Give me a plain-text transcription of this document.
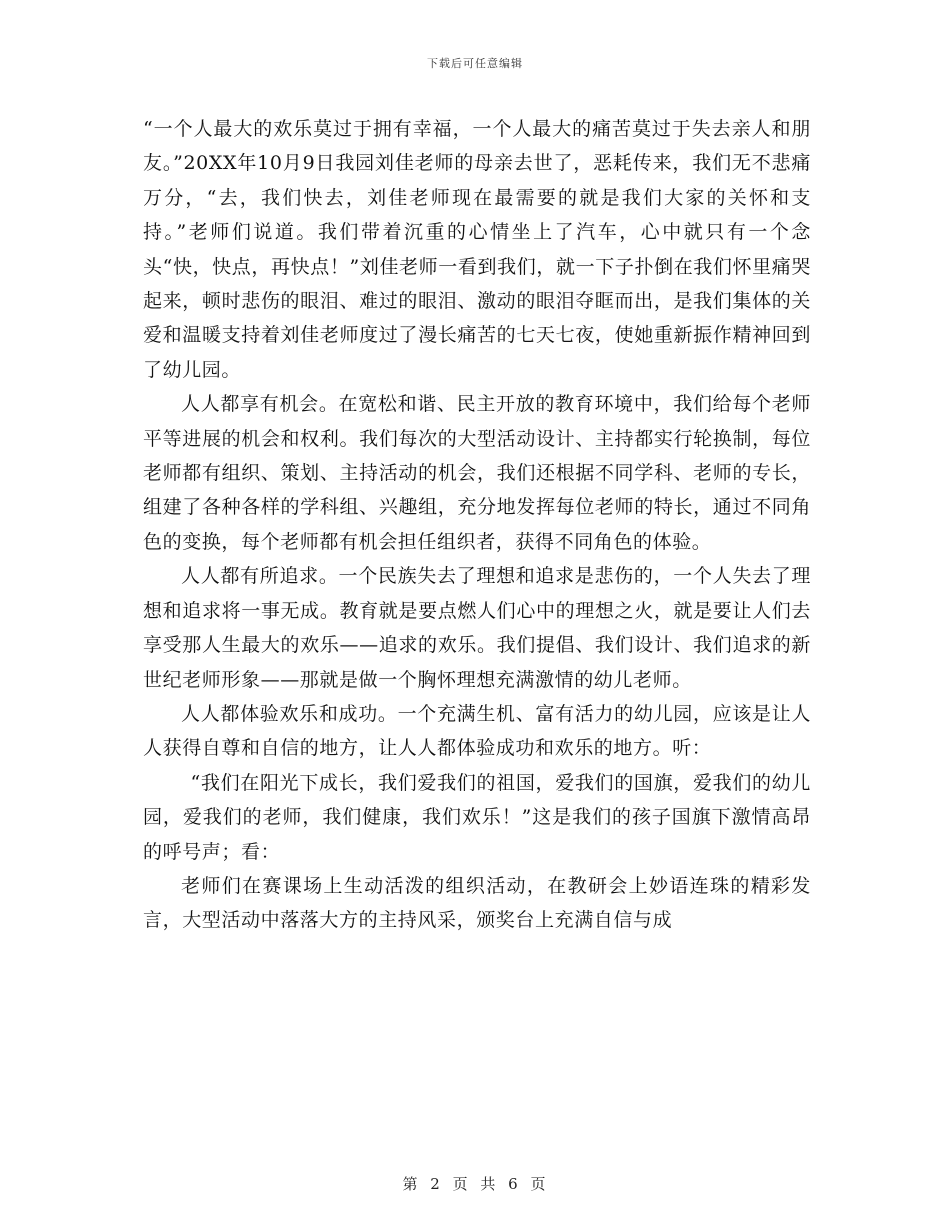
下载后可任意编辑

“一个人最大的欢乐莫过于拥有幸福，一个人最大的痛苦莫过于失去亲人和朋友。”20XX年10月9日我园刘佳老师的母亲去世了，恶耗传来，我们无不悲痛万分，“去，我们快去，刘佳老师现在最需要的就是我们大家的关怀和支持。”老师们说道。我们带着沉重的心情坐上了汽车，心中就只有一个念头“快，快点，再快点！”刘佳老师一看到我们，就一下子扑倒在我们怀里痛哭起来，顿时悲伤的眼泪、难过的眼泪、激动的眼泪夺眶而出，是我们集体的关爱和温暖支持着刘佳老师度过了漫长痛苦的七天七夜，使她重新振作精神回到了幼儿园。

人人都享有机会。在宽松和谐、民主开放的教育环境中，我们给每个老师平等进展的机会和权利。我们每次的大型活动设计、主持都实行轮换制，每位老师都有组织、策划、主持活动的机会，我们还根据不同学科、老师的专长，组建了各种各样的学科组、兴趣组，充分地发挥每位老师的特长，通过不同角色的变换，每个老师都有机会担任组织者，获得不同角色的体验。

人人都有所追求。一个民族失去了理想和追求是悲伤的，一个人失去了理想和追求将一事无成。教育就是要点燃人们心中的理想之火，就是要让人们去享受那人生最大的欢乐——追求的欢乐。我们提倡、我们设计、我们追求的新世纪老师形象——那就是做一个胸怀理想充满激情的幼儿老师。

人人都体验欢乐和成功。一个充满生机、富有活力的幼儿园，应该是让人人获得自尊和自信的地方，让人人都体验成功和欢乐的地方。听：

“我们在阳光下成长，我们爱我们的祖国，爱我们的国旗，爱我们的幼儿园，爱我们的老师，我们健康，我们欢乐！”这是我们的孩子国旗下激情高昂的呼号声；看：

老师们在赛课场上生动活泼的组织活动，在教研会上妙语连珠的精彩发言，大型活动中落落大方的主持风采，颁奖台上充满自信与成

第 2 页 共 6 页
